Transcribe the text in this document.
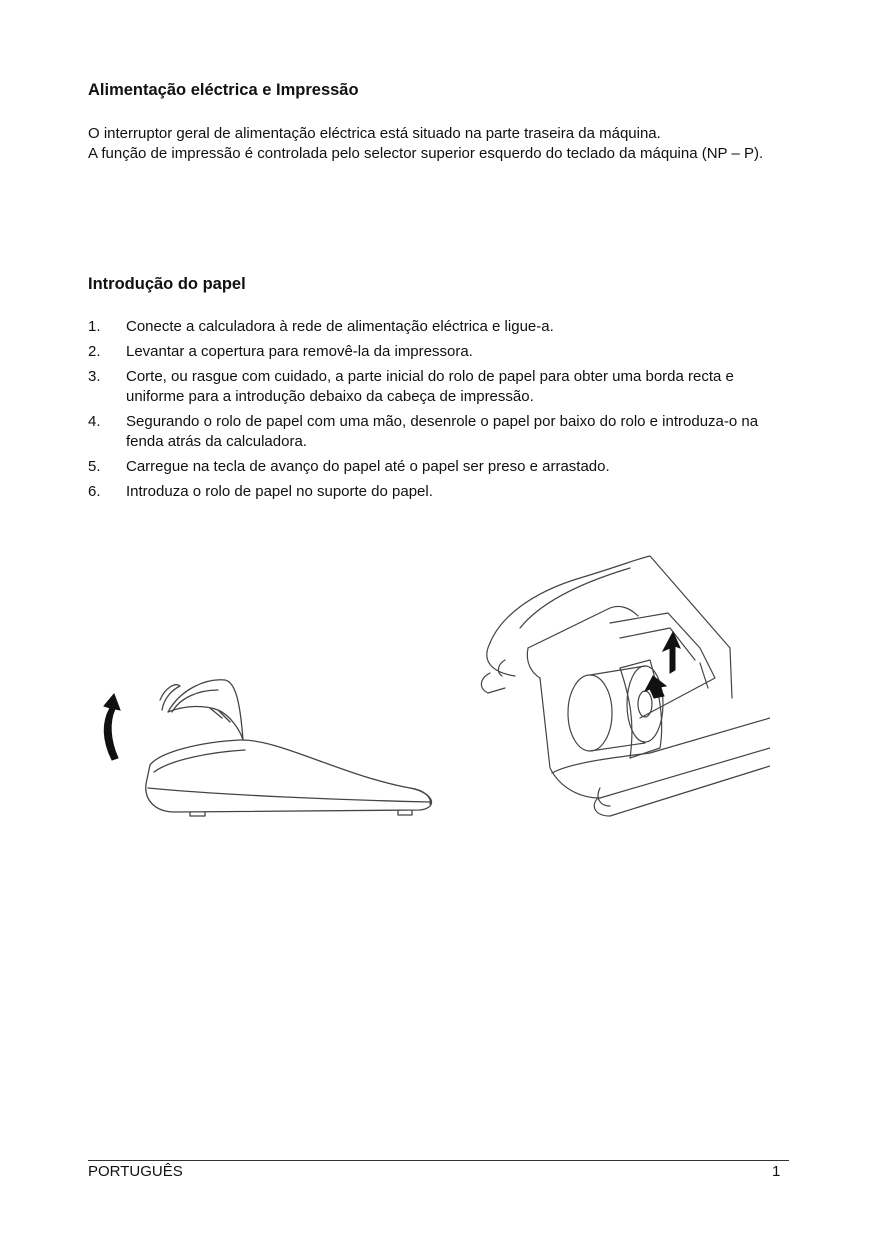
Alimentação eléctrica e Impressão

O interruptor geral de alimentação eléctrica está situado na parte traseira da máquina.
A função de impressão é controlada pelo selector superior esquerdo do teclado da máquina (NP – P).

Introdução do papel
1.	Conecte a calculadora à rede de alimentação eléctrica e ligue-a.
2.	Levantar a copertura para removê-la da impressora.
3.	Corte, ou rasgue com cuidado, a parte inicial do rolo de papel para obter uma borda recta e uniforme para a introdução debaixo da cabeça de impressão.
4.	Segurando o rolo de papel com uma mão, desenrole o papel por baixo do rolo e introduza-o na fenda atrás da calculadora.
5.	Carregue na tecla de avanço do papel até o papel ser preso e arrastado.
6.	Introduza o rolo de papel no suporte do papel.
PORTUGUÊS	1
